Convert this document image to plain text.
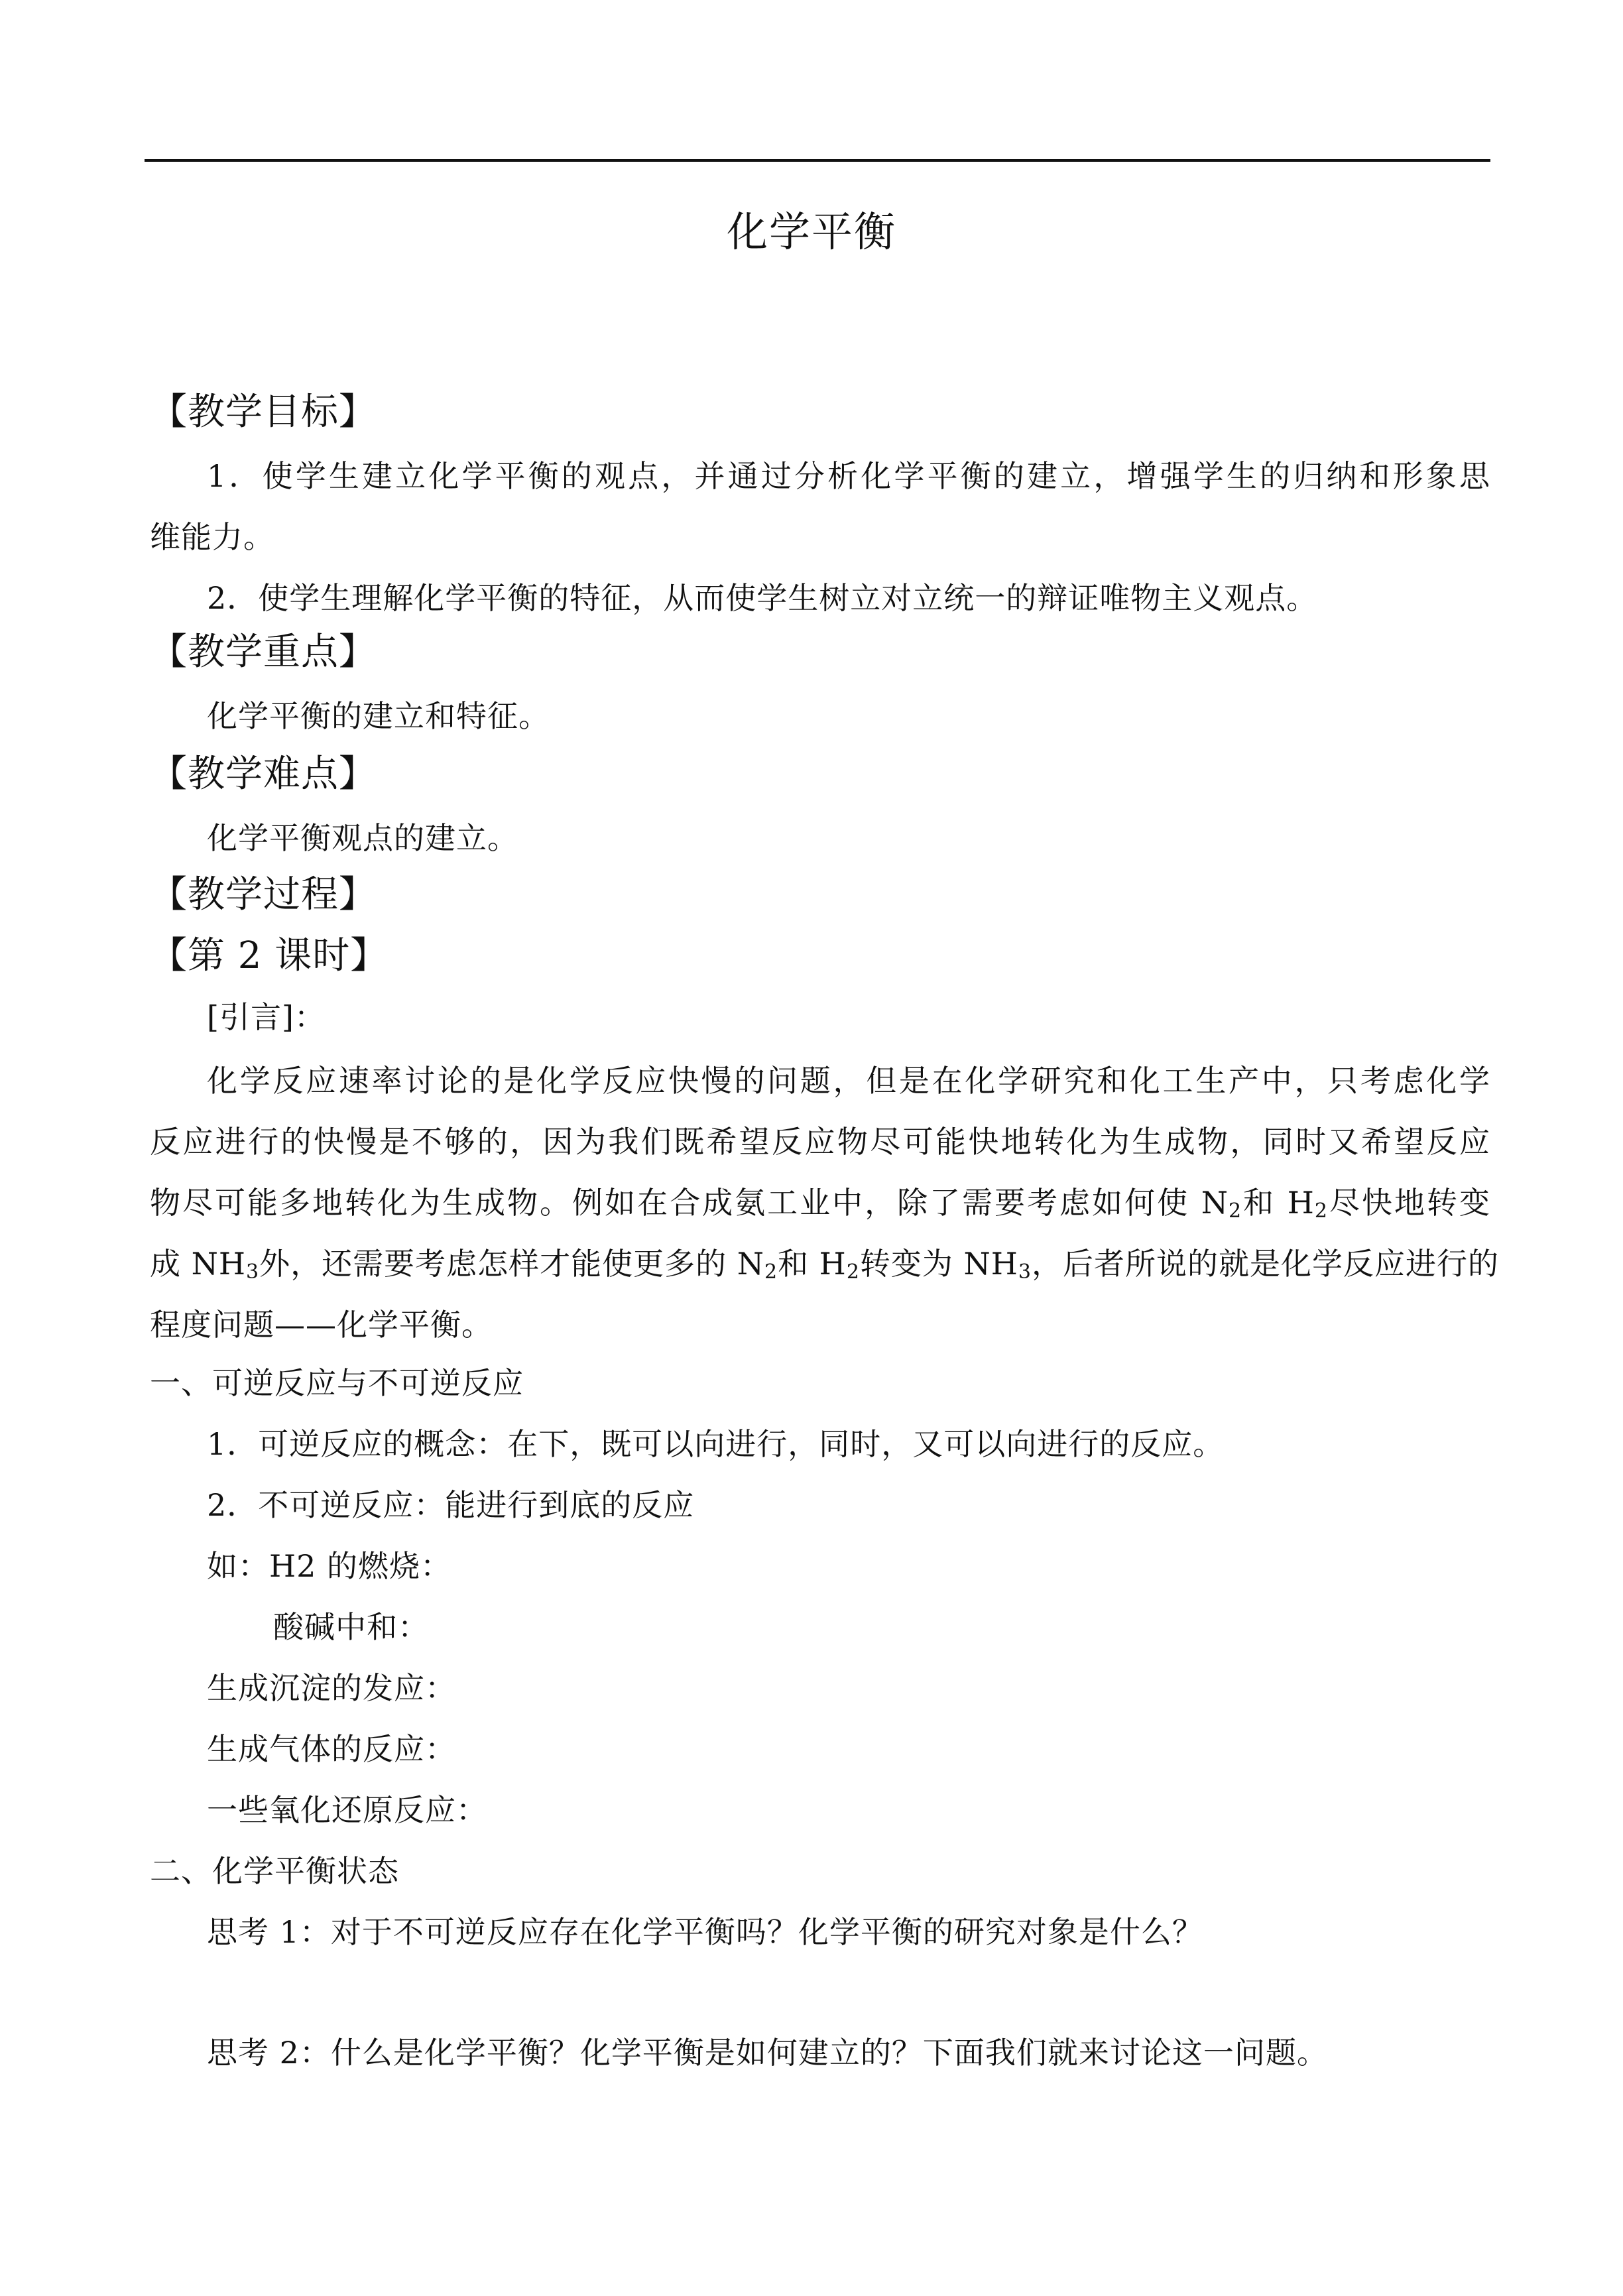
化学平衡
【教学目标】
1．使学生建立化学平衡的观点，并通过分析化学平衡的建立，增强学生的归纳和形象思
维能力。
2．使学生理解化学平衡的特征，从而使学生树立对立统一的辩证唯物主义观点。
【教学重点】
化学平衡的建立和特征。
【教学难点】
化学平衡观点的建立。
【教学过程】
【第 2 课时】
[引言]：
化学反应速率讨论的是化学反应快慢的问题，但是在化学研究和化工生产中，只考虑化学
反应进行的快慢是不够的，因为我们既希望反应物尽可能快地转化为生成物，同时又希望反应
物尽可能多地转化为生成物。例如在合成氨工业中，除了需要考虑如何使 N2和 H2尽快地转变
成 NH3外，还需要考虑怎样才能使更多的 N2和 H2转变为 NH3，后者所说的就是化学反应进行的
程度问题——化学平衡。
一、可逆反应与不可逆反应
1．可逆反应的概念：在下，既可以向进行，同时，又可以向进行的反应。
2．不可逆反应：能进行到底的反应
如：H2 的燃烧：
酸碱中和：
生成沉淀的发应：
生成气体的反应：
一些氧化还原反应：
二、化学平衡状态
思考 1：对于不可逆反应存在化学平衡吗？化学平衡的研究对象是什么？
思考 2：什么是化学平衡？化学平衡是如何建立的？下面我们就来讨论这一问题。
